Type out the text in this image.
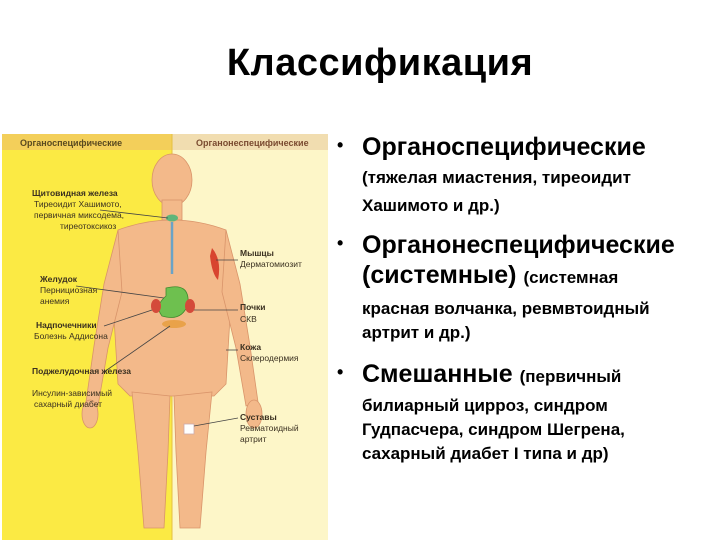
Классификация
Органоспецифические	Органонеспецифические
Щитовидная железа
Тиреоидит Хашимото,
первичная миксодема,
тиреотоксикоз
Желудок
Пернициозная
анемия
Надпочечники
Болезнь Аддисона
Поджелудочная железа
Инсулин-зависимый
сахарный диабет
Мышцы
Дерматомиозит
Почки
СКВ
Кожа
Склеродермия
Суставы
Ревматоидный
артрит
• Органоспецифические
(тяжелая миастения, тиреоидит
Хашимото и др.)
• Органонеспецифические
(системные) (системная
красная волчанка, ревмвтоидный
артрит и др.)
• Смешанные (первичный
билиарный цирроз, синдром
Гудпасчера, синдром Шегрена,
сахарный диабет I типа и др)
